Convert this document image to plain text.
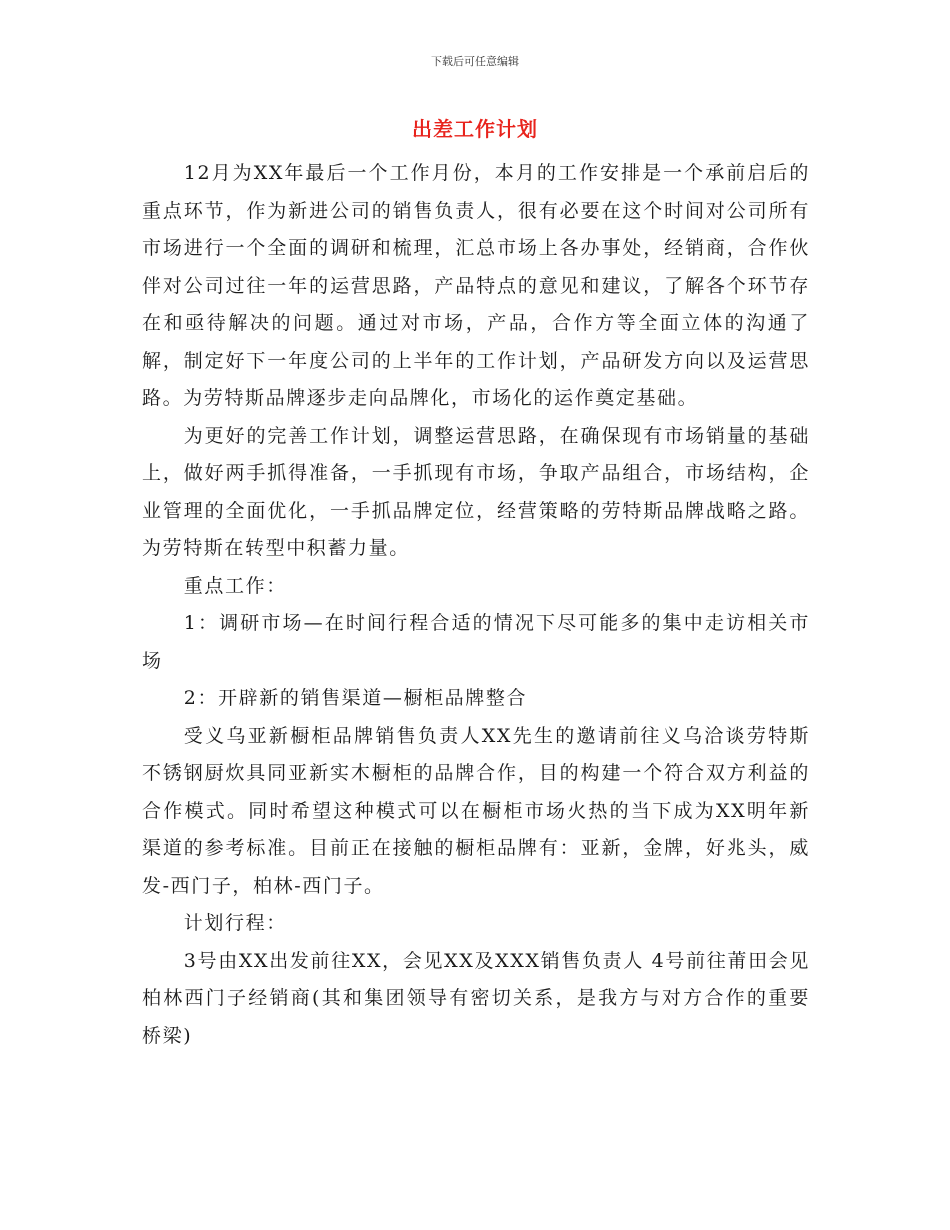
下载后可任意编辑
出差工作计划

12月为XX年最后一个工作月份，本月的工作安排是一个承前启后的重点环节，作为新进公司的销售负责人，很有必要在这个时间对公司所有市场进行一个全面的调研和梳理，汇总市场上各办事处，经销商，合作伙伴对公司过往一年的运营思路，产品特点的意见和建议，了解各个环节存在和亟待解决的问题。通过对市场，产品，合作方等全面立体的沟通了解，制定好下一年度公司的上半年的工作计划，产品研发方向以及运营思路。为劳特斯品牌逐步走向品牌化，市场化的运作奠定基础。

为更好的完善工作计划，调整运营思路，在确保现有市场销量的基础上，做好两手抓得准备，一手抓现有市场，争取产品组合，市场结构，企业管理的全面优化，一手抓品牌定位，经营策略的劳特斯品牌战略之路。为劳特斯在转型中积蓄力量。

重点工作：

1：调研市场—在时间行程合适的情况下尽可能多的集中走访相关市场

2：开辟新的销售渠道—橱柜品牌整合

受义乌亚新橱柜品牌销售负责人XX先生的邀请前往义乌洽谈劳特斯不锈钢厨炊具同亚新实木橱柜的品牌合作，目的构建一个符合双方利益的合作模式。同时希望这种模式可以在橱柜市场火热的当下成为XX明年新渠道的参考标准。目前正在接触的橱柜品牌有：亚新，金牌，好兆头，威发-西门子，柏林-西门子。

计划行程：

3号由XX出发前往XX，会见XX及XXX销售负责人 4号前往莆田会见柏林西门子经销商(其和集团领导有密切关系，是我方与对方合作的重要桥梁)
